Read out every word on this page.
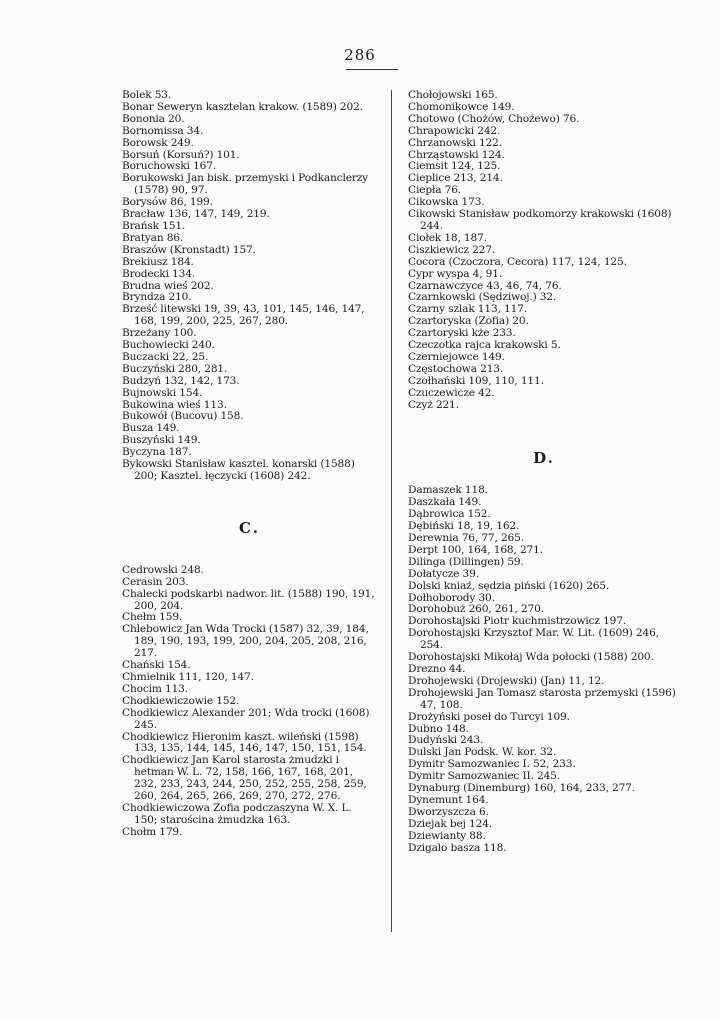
286

Bolek 53.

Bonar Seweryn kasztelan krakow. (1589) 202.

Bononia 20.

Bornomissa 34.

Borowsk 249.

Borsuń (Korsuń?) 101.

Boruchowski 167.

Borukowski Jan bisk. przemyski i Podkanclerzy (1578) 90, 97.

Borysów 86, 199.

Bracław 136, 147, 149, 219.

Brańsk 151.

Bratyan 86.

Braszów (Kronstadt) 157.

Brekiusz 184.

Brodecki 134.

Brudna wieś 202.

Bryndza 210.

Brześć litewski 19, 39, 43, 101, 145, 146, 147, 168, 199, 200, 225, 267, 280.

Brzeżany 100.

Buchowiecki 240.

Buczacki 22, 25.

Buczyński 280, 281.

Budzyń 132, 142, 173.

Bujnowski 154.

Bukowina wieś 113.

Bukowół (Bucovu) 158.

Busza 149.

Buszyński 149.

Byczyna 187.

Bykowski Stanisław kasztel. konarski (1588) 200; Kasztel. łęczycki (1608) 242.

C.

Cedrowski 248.

Cerasin 203.

Chalecki podskarbi nadwor. lit. (1588) 190, 191, 200, 204.

Chełm 159.

Chlebowicz Jan Wda Trocki (1587) 32, 39, 184, 189, 190, 193, 199, 200, 204, 205, 208, 216, 217.

Chański 154.

Chmielnik 111, 120, 147.

Chocim 113.

Chodkiewiczowie 152.

Chodkiewicz Alexander 201; Wda trocki (1608) 245.

Chodkiewicz Hieronim kaszt. wileński (1598) 133, 135, 144, 145, 146, 147, 150, 151, 154.

Chodkiewicz Jan Karol starosta żmudzki i hetman W. L. 72, 158, 166, 167, 168, 201, 232, 233, 243, 244, 250, 252, 255, 258, 259, 260, 264, 265, 266, 269, 270, 272, 276.

Chodkiewiczowa Zofia podczaszyna W. X. L. 150; starościna żmudzka 163.

Chołm 179.

Chołojowski 165.

Chomonikowce 149.

Chotowo (Chożów, Chożewo) 76.

Chrapowicki 242.

Chrzanowski 122.

Chrząstowski 124.

Ciemsit 124, 125.

Cieplice 213, 214.

Ciepła 76.

Cikowska 173.

Cikowski Stanisław podkomorzy krakowski (1608) 244.

Ciołek 18, 187.

Ciszkiewicz 227.

Cocora (Czoczora, Cecora) 117, 124, 125.

Cypr wyspa 4, 91.

Czarnawczyce 43, 46, 74, 76.

Czarnkowski (Sędziwoj.) 32.

Czarny szlak 113, 117.

Czartoryska (Zofia) 20.

Czartoryski kże 233.

Czeczotka rajca krakowski 5.

Czerniejowce 149.

Częstochowa 213.

Czołhański 109, 110, 111.

Czuczewicze 42.

Czyż 221.

D.

Damaszek 118.

Daszkała 149.

Dąbrowica 152.

Dębiński 18, 19, 162.

Derewnia 76, 77, 265.

Derpt 100, 164, 168, 271.

Dilinga (Dillingen) 59.

Dołatycze 39.

Dolski kniaź, sędzia piński (1620) 265.

Dołhoborody 30.

Dorohobuż 260, 261, 270.

Dorohostajski Piotr kuchmistrzowicz 197.

Dorohostajski Krzysztof Mar. W. Lit. (1609) 246, 254.

Dorohostajski Mikołaj Wda połocki (1588) 200.

Drezno 44.

Drohojewski (Drojewski) (Jan) 11, 12.

Drohojewski Jan Tomasz starosta przemyski (1596) 47, 108.

Drożyński poseł do Turcyi 109.

Dubno 148.

Dudyński 243.

Dulski Jan Podsk. W. kor. 32.

Dymitr Samozwaniec I. 52, 233.

Dymitr Samozwaniec II. 245.

Dynaburg (Dinemburg) 160, 164, 233, 277.

Dynemunt 164.

Dworzyszcza 6.

Dziejak bej 124.

Dziewianty 88.

Dzigalo basza 118.
